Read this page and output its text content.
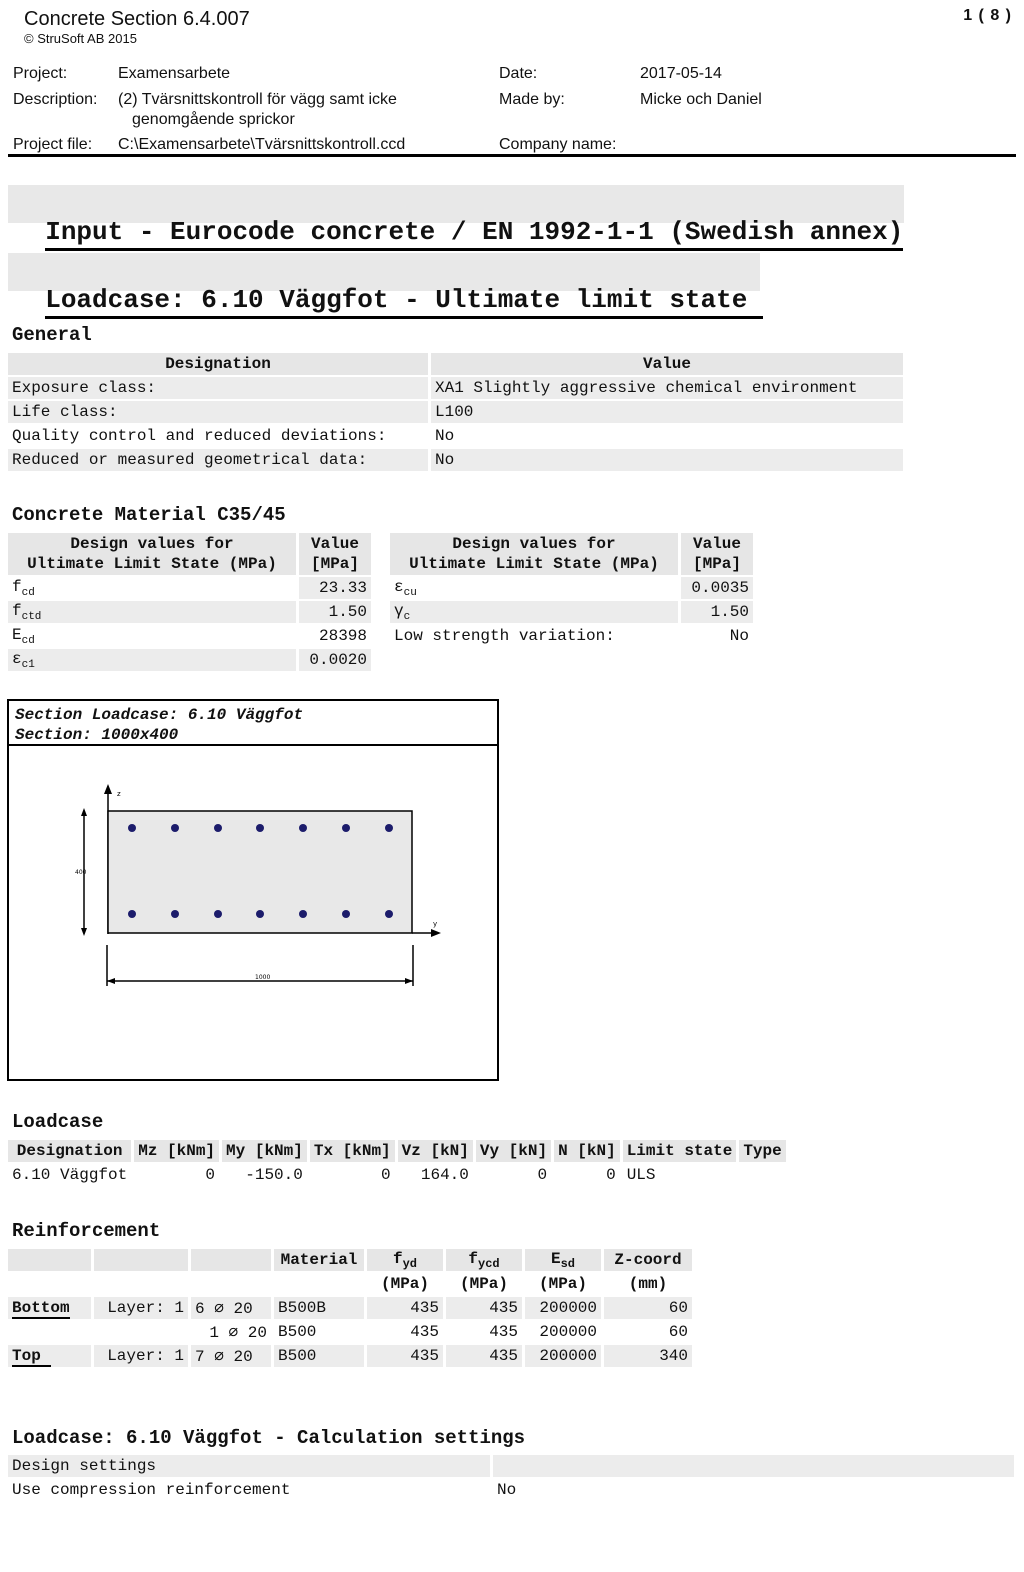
Concrete Section 6.4.007
© StruSoft AB 2015
1 ( 8 )
Project:	Examensarbete
Description: (2) Tvärsnittskontroll för vägg samt icke
genomgående sprickor
Project file: C:\Examensarbete\Tvärsnittskontroll.ccd
Date:	2017-05-14
Made by:	Micke och Daniel
Company name:

Input - Eurocode concrete / EN 1992-1-1 (Swedish annex)

Loadcase: 6.10 Väggfot - Ultimate limit state

General
Designation	Value
Exposure class:	XA1 Slightly aggressive chemical environment
Life class:	L100
Quality control and reduced deviations:	No
Reduced or measured geometrical data:	No
Concrete Material C35/45
Design values for
Ultimate Limit State (MPa)	Value
[MPa]
$f_{cd}$	23.33
$f_{ctd}$	1.50
$E_{cd}$	28398
$\varepsilon_{c1}$	0.0020
Design values for
Ultimate Limit State (MPa)	Value
[MPa]
$\varepsilon_{cu}$	0.0035
$\gamma_c$	1.50
Low strength variation:	No
Section Loadcase: 6.10 Väggfot
Section: 1000x400
z
y
400
1000
Loadcase
Designation	Mz [kNm]	My [kNm]	Tx [kNm]	Vz [kN]	Vy [kN]	N [kN]	Limit state	Type
6.10 Väggfot	0	-150.0	0	164.0	0	0	ULS	
Reinforcement
			Material	$f_{yd}$	$f_{ycd}$	$E_{sd}$	Z-coord
				(MPa)	(MPa)	(MPa)	(mm)
Bottom	Layer: 1	6 ∅ 20	B500B	435	435	200000	60
		1 ∅ 20	B500	435	435	200000	60
Top	Layer: 1	7 ∅ 20	B500	435	435	200000	340
Loadcase: 6.10 Väggfot - Calculation settings
Design settings	
Use compression reinforcement	No
